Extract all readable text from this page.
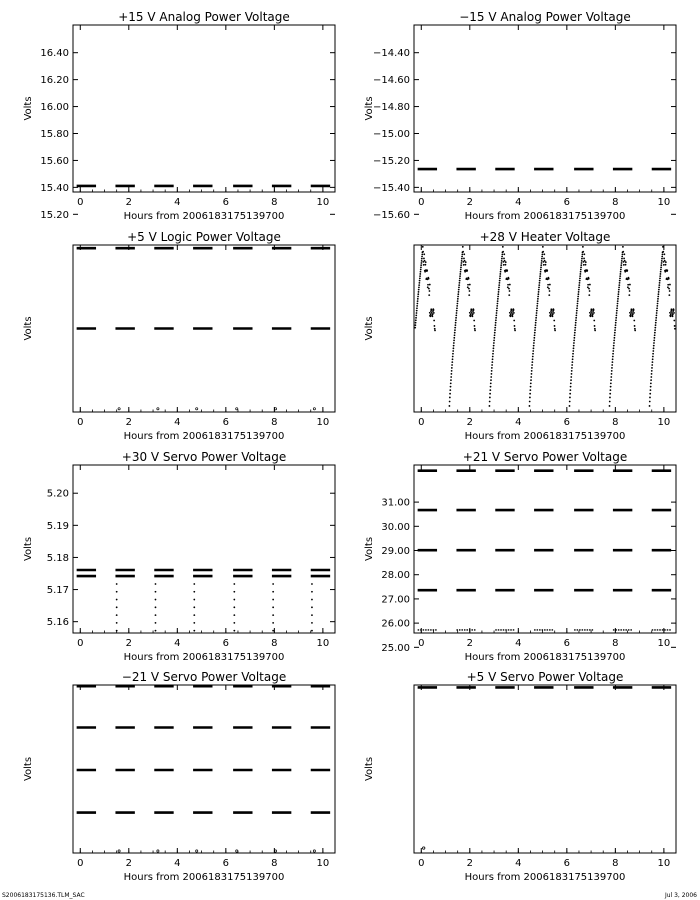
+15 V Analog Power Voltage
Hours from 2006183175139700
Volts
0	2	4	6	8	10
15.20
15.40
15.60
15.80
16.00
16.20
16.40
−15 V Analog Power Voltage
Hours from 2006183175139700
Volts
0	2	4	6	8	10
−15.60
−15.40
−15.20
−15.00
−14.80
−14.60
−14.40
+5 V Logic Power Voltage
Hours from 2006183175139700
Volts
0	2	4	6	8	10
5.16
5.17
5.18
5.19
5.20
+28 V Heater Voltage
Hours from 2006183175139700
Volts
0	2	4	6	8	10
25.00
26.00
27.00
28.00
29.00
30.00
31.00
+30 V Servo Power Voltage
Hours from 2006183175139700
Volts
0	2	4	6	8	10
+21 V Servo Power Voltage
Hours from 2006183175139700
Volts
0	2	4	6	8	10
−21 V Servo Power Voltage
Hours from 2006183175139700
Volts
0	2	4	6	8	10
+5 V Servo Power Voltage
Hours from 2006183175139700
Volts
0	2	4	6	8	10
S2006183175136.TLM_SAC	Jul 3, 2006
